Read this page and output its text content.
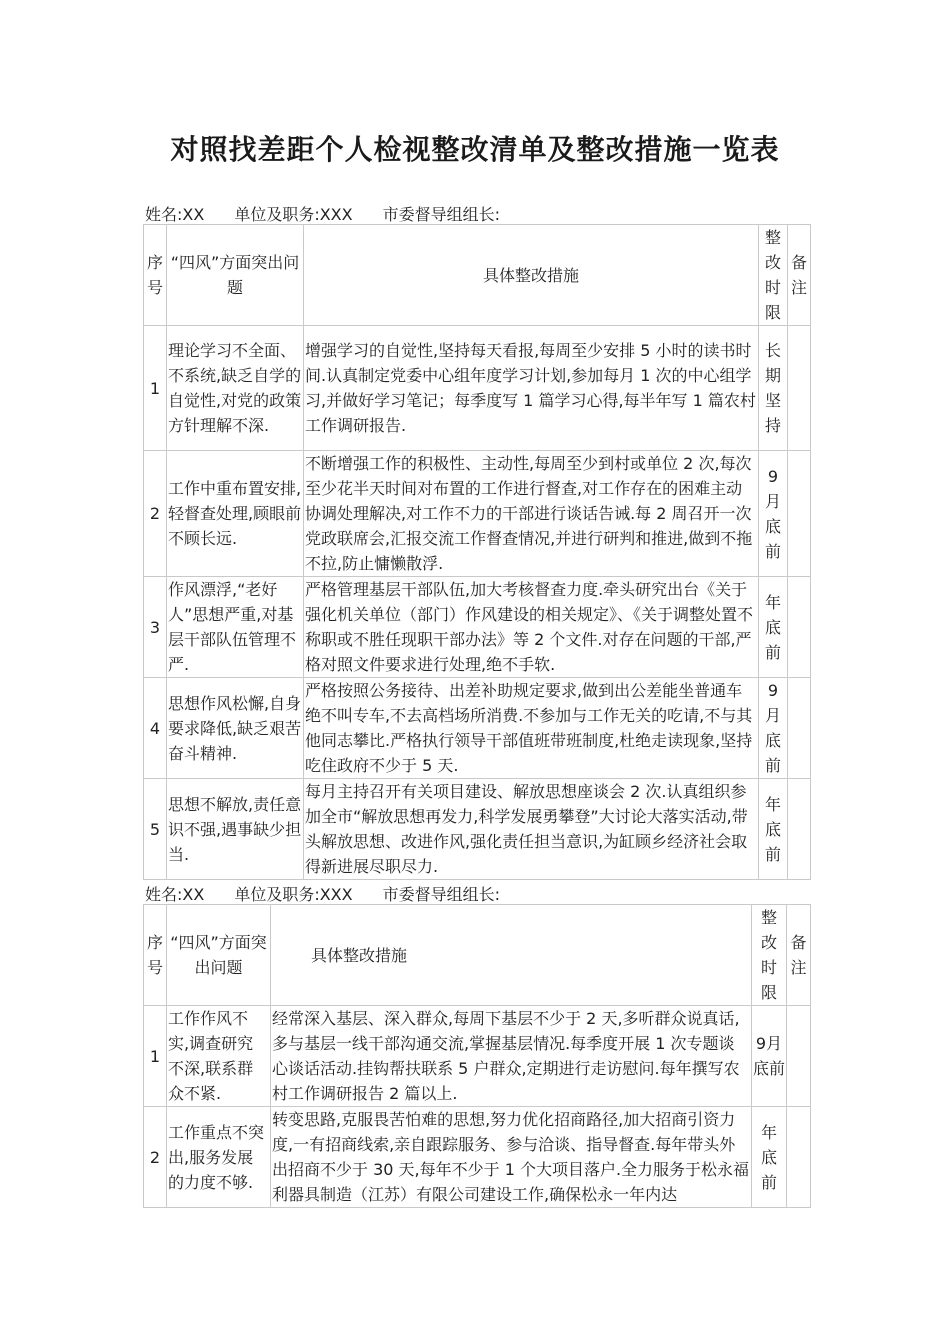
对照找差距个人检视整改清单及整改措施一览表
姓名:XX 单位及职务:XXX 市委督导组组长:
序号	“四风”方面突出问题	具体整改措施	整改时限	备注

1	理论学习不全面、不系统,缺乏自学的自觉性,对党的政策方针理解不深.	增强学习的自觉性,坚持每天看报,每周至少安排 5 小时的读书时间.认真制定党委中心组年度学习计划,参加每月 1 次的中心组学习,并做好学习笔记；每季度写 1 篇学习心得,每半年写 1 篇农村工作调研报告.	长期坚持	

2	工作中重布置安排,轻督查处理,顾眼前不顾长远.	不断增强工作的积极性、主动性,每周至少到村或单位 2 次,每次至少花半天时间对布置的工作进行督查,对工作存在的困难主动协调处理解决,对工作不力的干部进行谈话告诫.每 2 周召开一次党政联席会,汇报交流工作督查情况,并进行研判和推进,做到不拖不拉,防止慵懒散浮.	9月底前	

3	作风漂浮,“老好人”思想严重,对基层干部队伍管理不严.	严格管理基层干部队伍,加大考核督查力度.牵头研究出台《关于强化机关单位（部门）作风建设的相关规定》、《关于调整处置不称职或不胜任现职干部办法》等 2 个文件.对存在问题的干部,严格对照文件要求进行处理,绝不手软.	年底前	

4	思想作风松懈,自身要求降低,缺乏艰苦奋斗精神.	严格按照公务接待、出差补助规定要求,做到出公差能坐普通车绝不叫专车,不去高档场所消费.不参加与工作无关的吃请,不与其他同志攀比.严格执行领导干部值班带班制度,杜绝走读现象,坚持吃住政府不少于 5 天.	9月底前	

5	思想不解放,责任意识不强,遇事缺少担当.	每月主持召开有关项目建设、解放思想座谈会 2 次.认真组织参加全市“解放思想再发力,科学发展勇攀登”大讨论大落实活动,带头解放思想、改进作风,强化责任担当意识,为缸顾乡经济社会取得新进展尽职尽力.	年底前	

姓名:XX 单位及职务:XXX 市委督导组组长:
序号	“四风”方面突出问题	具体整改措施	整改时限	备注

1	工作作风不实,调查研究不深,联系群众不紧.	经常深入基层、深入群众,每周下基层不少于 2 天,多听群众说真话,多与基层一线干部沟通交流,掌握基层情况.每季度开展 1 次专题谈心谈话活动.挂钩帮扶联系 5 户群众,定期进行走访慰问.每年撰写农村工作调研报告 2 篇以上.	9月底前	
2	工作重点不突出,服务发展的力度不够.	转变思路,克服畏苦怕难的思想,努力优化招商路径,加大招商引资力度,一有招商线索,亲自跟踪服务、参与洽谈、指导督查.每年带头外出招商不少于 30 天,每年不少于 1 个大项目落户.全力服务于松永福利器具制造（江苏）有限公司建设工作,确保松永一年内达	年底前	
